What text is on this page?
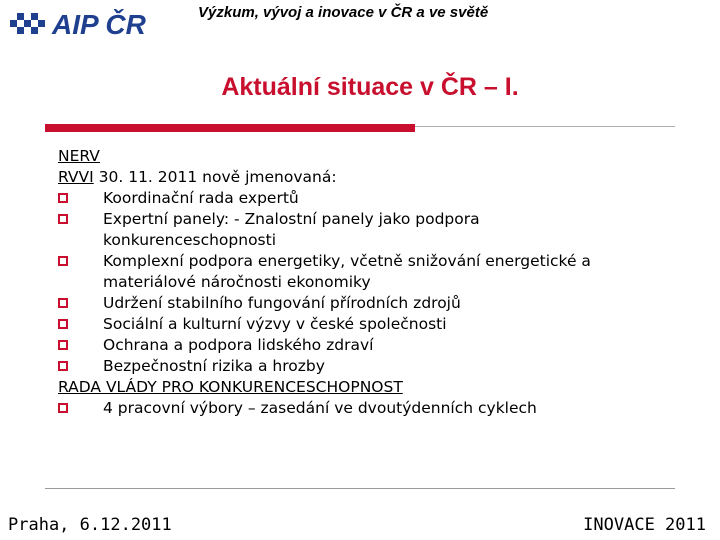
AIP ČR	Výzkum, vývoj a inovace v ČR a ve světě
Aktuální situace v ČR – I.
NERV
RVVI 30. 11. 2011 nově jmenovaná:
Koordinační rada expertů
Expertní panely: - Znalostní panely jako podpora konkurenceschopnosti
Komplexní podpora energetiky, včetně snižování energetické a materiálové náročnosti ekonomiky
Udržení stabilního fungování přírodních zdrojů
Sociální a kulturní výzvy v české společnosti
Ochrana a podpora lidského zdraví
Bezpečnostní rizika a hrozby
RADA VLÁDY PRO KONKURENCESCHOPNOST
4 pracovní výbory – zasedání ve dvoutýdenních cyklech
Praha, 6.12.2011	INOVACE 2011
